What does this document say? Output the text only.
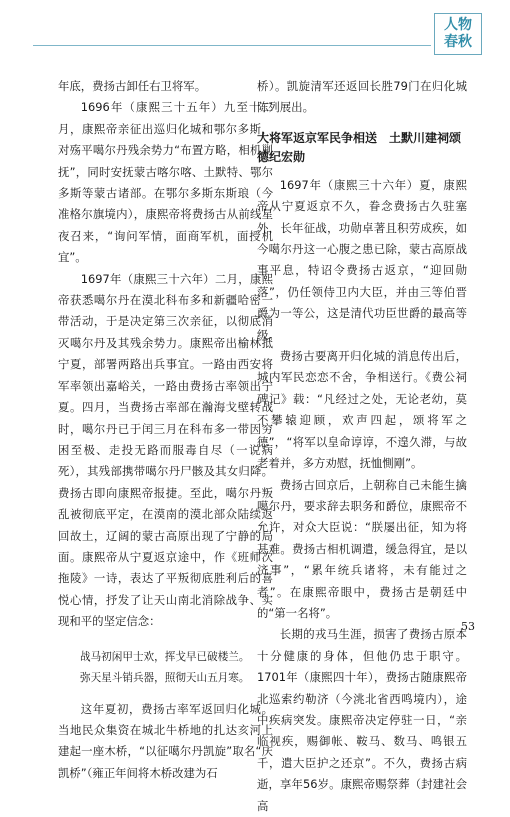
人物
春秋

年底，费扬古卸任右卫将军。

1696年（康熙三十五年）九至十二月，康熙帝亲征出巡归化城和鄂尔多斯，对殇平噶尔丹残余势力“布置方略，相机剿抚”，同时安抚蒙古喀尔喀、土默特、鄂尔多斯等蒙古诸部。在鄂尔多斯东斯琅（今准格尔旗境内），康熙帝将费扬古从前线星夜召来，“询问军情，面商军机，面授机宜”。

1697年（康熙三十六年）二月，康熙帝获悉噶尔丹在漠北科布多和新疆哈密一带活动，于是决定第三次亲征，以彻底消灭噶尔丹及其残余势力。康熙帝出榆林抵宁夏，部署两路出兵事宜。一路由西安将军率领出嘉峪关，一路由费扬古率领出宁夏。四月，当费扬古率部在瀚海戈壁转战时，噶尔丹已于闰三月在科布多一带因穷困至极、走投无路而服毒自尽（一说病死），其残部携带噶尔丹尸骸及其女归降。费扬古即向康熙帝报捷。至此，噶尔丹叛乱被彻底平定，在漠南的漠北部众陆续返回故土，辽阔的蒙古高原出现了宁静的局面。康熙帝从宁夏返京途中，作《班师次拖陵》一诗，表达了平叛彻底胜利后的喜悦心情，抒发了让天山南北消除战争、实现和平的坚定信念：

战马初闲甲士欢，挥戈早已破楼兰。
弥天星斗销兵器，照彻天山五月寒。

这年夏初，费扬古率军返回归化城。当地民众集资在城北牛桥地的扎达亥河上建起一座木桥，“以征噶尔丹凯旋”取名“庆凯桥”（雍正年间将木桥改建为石

桥）。凯旋清军还返回长胜79门在归化城陈列展出。

大将军返京军民争相送　土默川建祠颂德纪宏勋

1697年（康熙三十六年）夏，康熙帝从宁夏返京不久，眷念费扬古久驻塞外，长年征战，功勋卓著且积劳成疾，如今噶尔丹这一心腹之患已除，蒙古高原战事平息，特诏令费扬古返京，“迎回勋落”，仍任领侍卫内大臣，并由三等伯晋爵为一等公，这是清代功臣世爵的最高等级。

费扬古要离开归化城的消息传出后，城内军民恋恋不舍，争相送行。《费公祠碑记》载：“凡经过之处，无论老幼，莫不攀辕迎顾，欢声四起，颂将军之德”，“将军以皇命谆谆，不遑久滞，与故老着并，多方劝慰，抚恤惻剛”。

费扬古回京后，上朝称自己未能生擒噶尔丹，要求辞去职务和爵位，康熙帝不允许，对众大臣说：“朕屡出征，知为将甚难。费扬古相机调遣，缓急得宜，是以济事”，“累年统兵诸将，未有能过之者”。在康熙帝眼中，费扬古是朝廷中的“第一名将”。

长期的戎马生涯，损害了费扬古原本十分健康的身体，但他仍忠于职守。1701年（康熙四十年），费扬古随康熙帝北巡索约勒济（今洮北省西鸣境内），途中疾病突发。康熙帝决定停驻一日，“亲临视疾，赐御帐、鞍马、数马、鸣银五千，遣大臣护之还京”。不久，费扬古病逝，享年56岁。康熙帝赐祭葬（封建社会高

53
